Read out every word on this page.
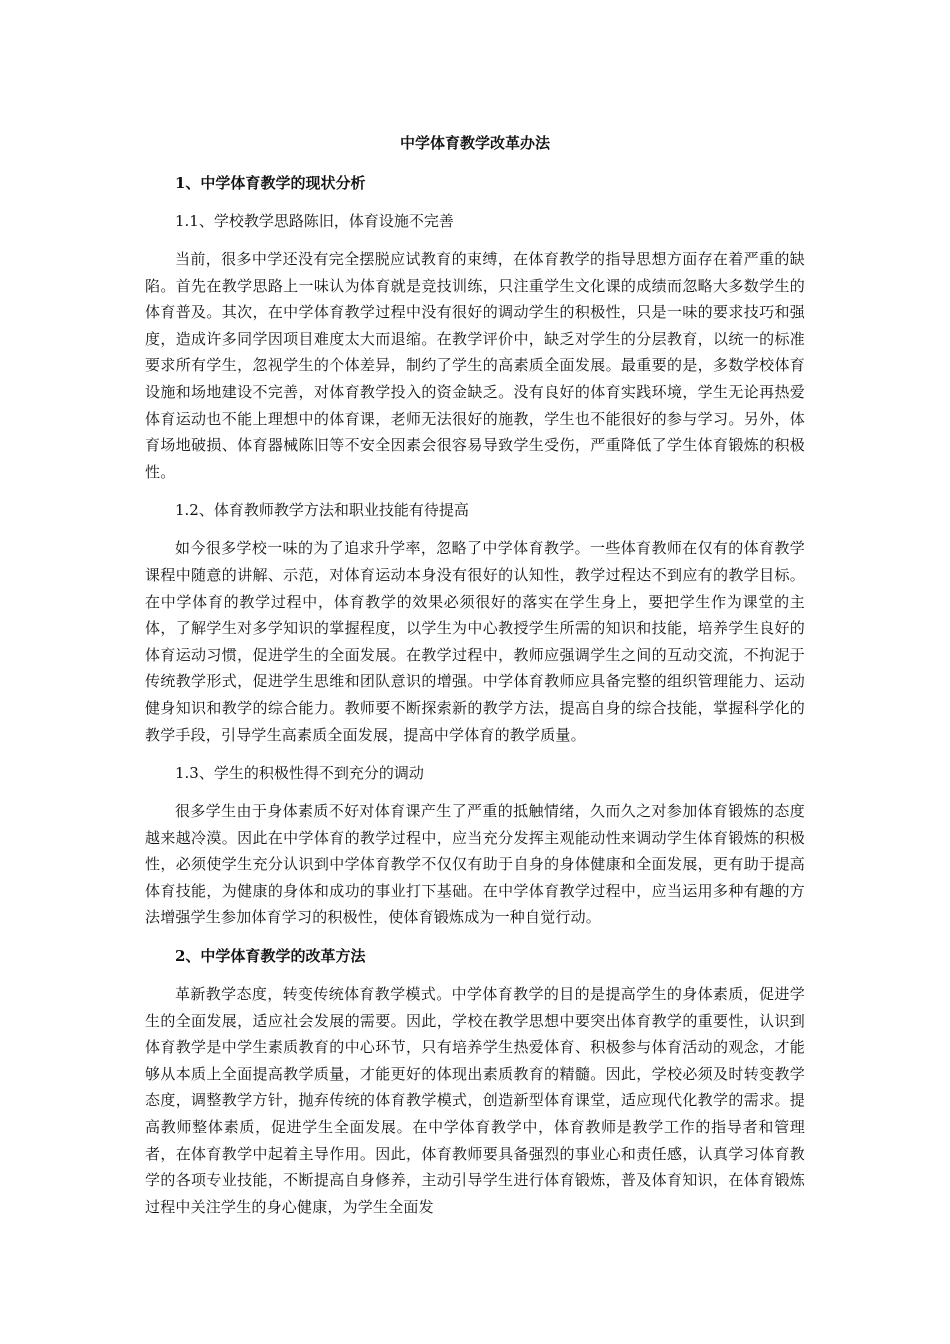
中学体育教学改革办法
1、中学体育教学的现状分析
1.1、学校教学思路陈旧，体育设施不完善

当前，很多中学还没有完全摆脱应试教育的束缚，在体育教学的指导思想方面存在着严重的缺陷。首先在教学思路上一味认为体育就是竞技训练，只注重学生文化课的成绩而忽略大多数学生的体育普及。其次，在中学体育教学过程中没有很好的调动学生的积极性，只是一味的要求技巧和强度，造成许多同学因项目难度太大而退缩。在教学评价中，缺乏对学生的分层教育，以统一的标准要求所有学生，忽视学生的个体差异，制约了学生的高素质全面发展。最重要的是，多数学校体育设施和场地建设不完善，对体育教学投入的资金缺乏。没有良好的体育实践环境，学生无论再热爱体育运动也不能上理想中的体育课，老师无法很好的施教，学生也不能很好的参与学习。另外，体育场地破损、体育器械陈旧等不安全因素会很容易导致学生受伤，严重降低了学生体育锻炼的积极性。

1.2、体育教师教学方法和职业技能有待提高

如今很多学校一味的为了追求升学率，忽略了中学体育教学。一些体育教师在仅有的体育教学课程中随意的讲解、示范，对体育运动本身没有很好的认知性，教学过程达不到应有的教学目标。在中学体育的教学过程中，体育教学的效果必须很好的落实在学生身上，要把学生作为课堂的主体，了解学生对多学知识的掌握程度，以学生为中心教授学生所需的知识和技能，培养学生良好的体育运动习惯，促进学生的全面发展。在教学过程中，教师应强调学生之间的互动交流，不拘泥于传统教学形式，促进学生思维和团队意识的增强。中学体育教师应具备完整的组织管理能力、运动健身知识和教学的综合能力。教师要不断探索新的教学方法，提高自身的综合技能，掌握科学化的教学手段，引导学生高素质全面发展，提高中学体育的教学质量。

1.3、学生的积极性得不到充分的调动

很多学生由于身体素质不好对体育课产生了严重的抵触情绪，久而久之对参加体育锻炼的态度越来越冷漠。因此在中学体育的教学过程中，应当充分发挥主观能动性来调动学生体育锻炼的积极性，必须使学生充分认识到中学体育教学不仅仅有助于自身的身体健康和全面发展，更有助于提高体育技能，为健康的身体和成功的事业打下基础。在中学体育教学过程中，应当运用多种有趣的方法增强学生参加体育学习的积极性，使体育锻炼成为一种自觉行动。

2、中学体育教学的改革方法

革新教学态度，转变传统体育教学模式。中学体育教学的目的是提高学生的身体素质，促进学生的全面发展，适应社会发展的需要。因此，学校在教学思想中要突出体育教学的重要性，认识到体育教学是中学生素质教育的中心环节，只有培养学生热爱体育、积极参与体育活动的观念，才能够从本质上全面提高教学质量，才能更好的体现出素质教育的精髓。因此，学校必须及时转变教学态度，调整教学方针，抛弃传统的体育教学模式，创造新型体育课堂，适应现代化教学的需求。提高教师整体素质，促进学生全面发展。在中学体育教学中，体育教师是教学工作的指导者和管理者，在体育教学中起着主导作用。因此，体育教师要具备强烈的事业心和责任感，认真学习体育教学的各项专业技能，不断提高自身修养，主动引导学生进行体育锻炼，普及体育知识，在体育锻炼过程中关注学生的身心健康，为学生全面发
